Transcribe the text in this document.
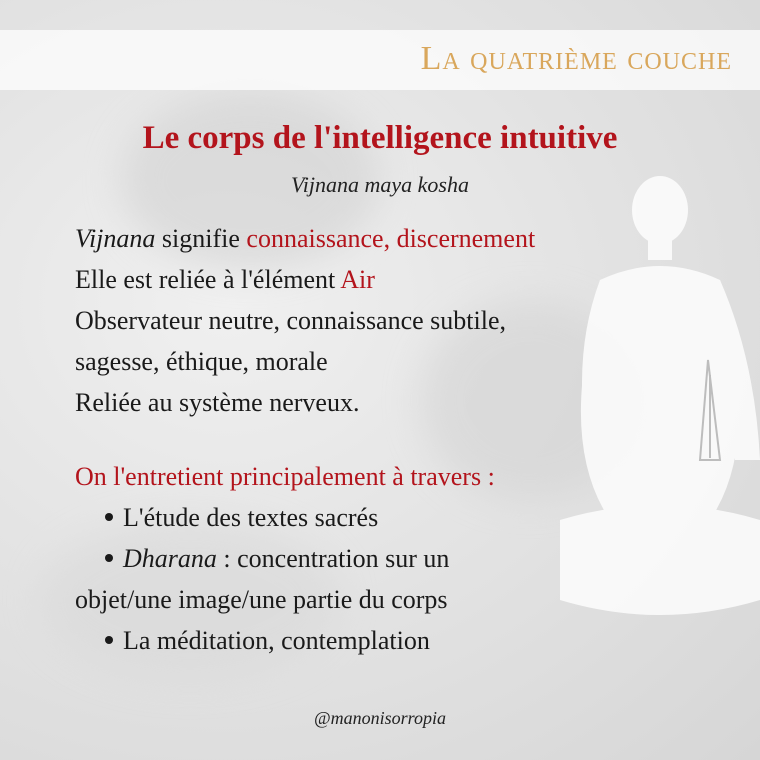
La quatrième couche
Le corps de l'intelligence intuitive
Vijnana maya kosha
Vijnana signifie connaissance, discernement
Elle est reliée à l'élément Air
Observateur neutre, connaissance subtile,
sagesse, éthique, morale
Reliée au système nerveux.
On l'entretient principalement à travers :
L'étude des textes sacrés
Dharana : concentration sur un
objet/une image/une partie du corps
La méditation, contemplation
@manonisorropia
